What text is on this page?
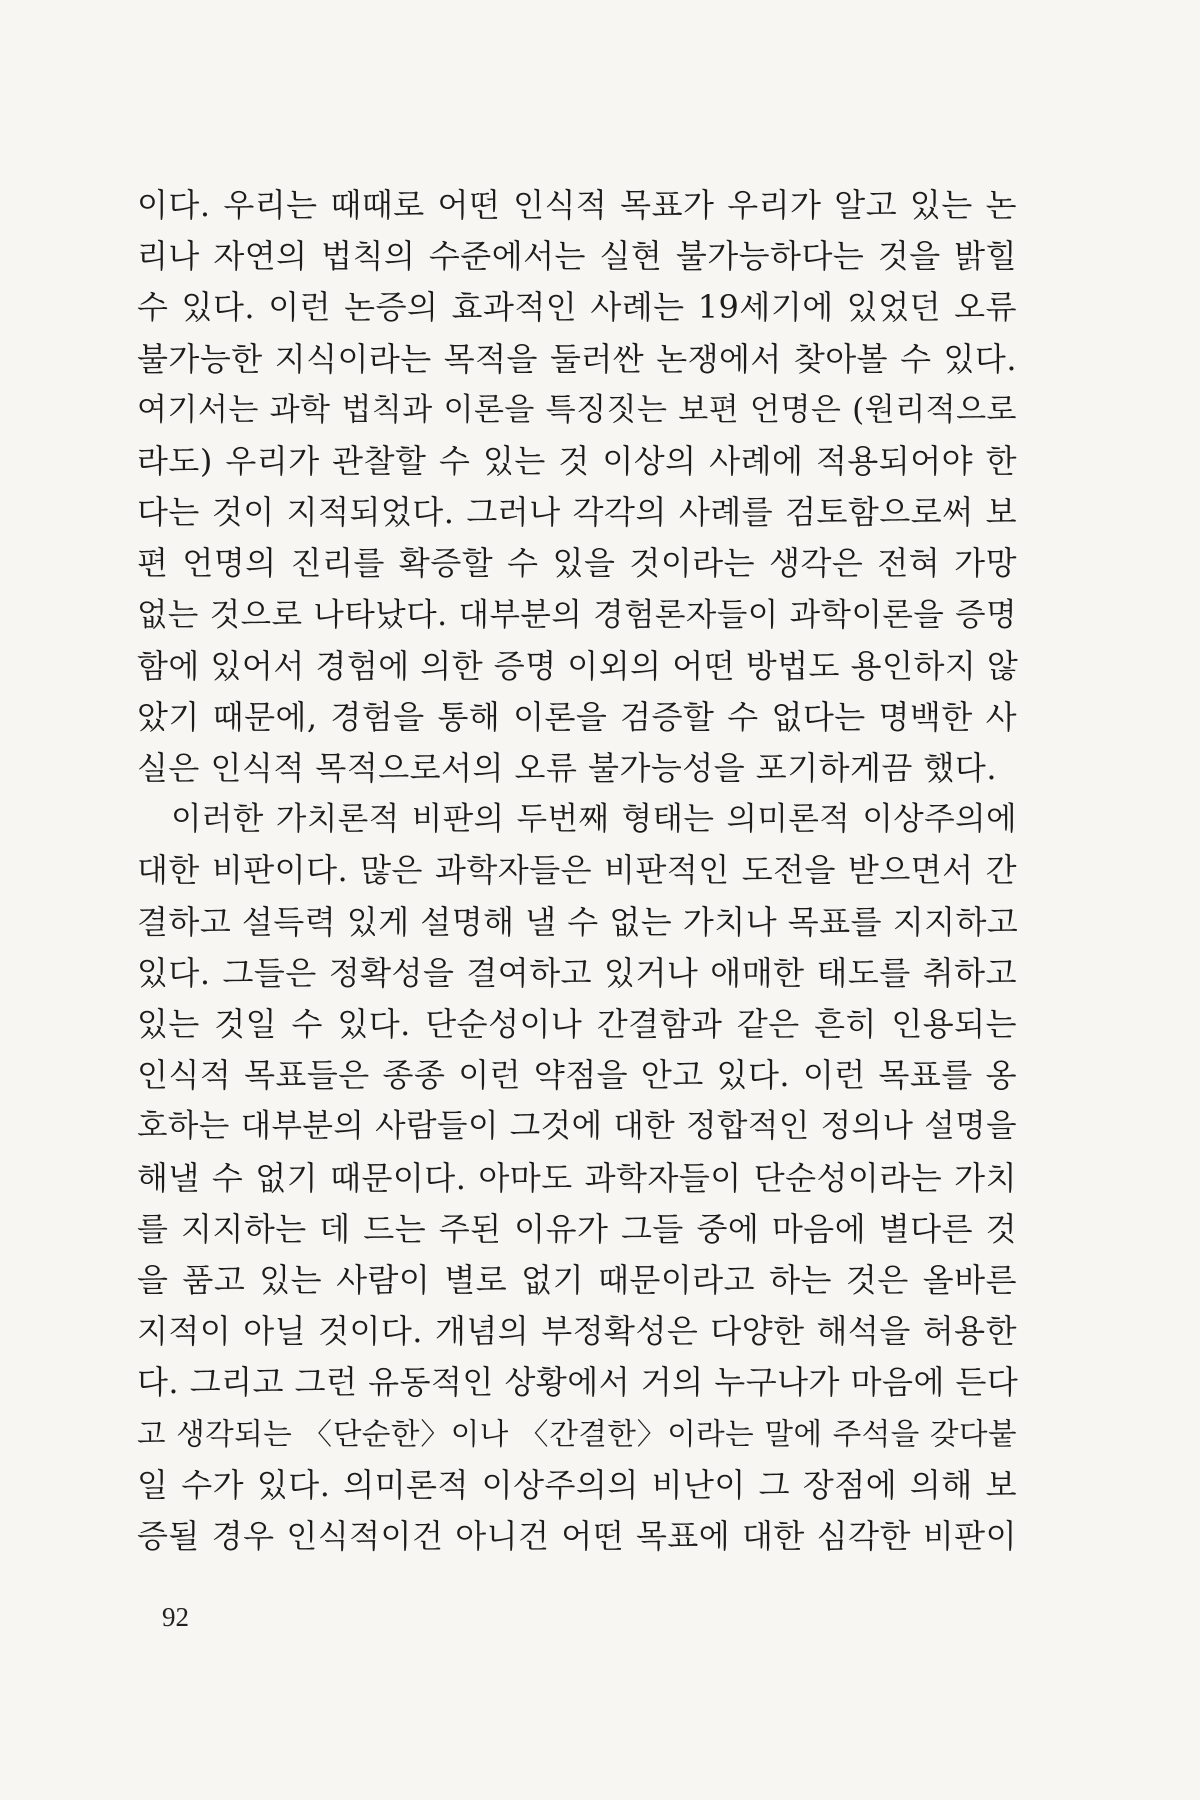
이다. 우리는 때때로 어떤 인식적 목표가 우리가 알고 있는 논
리나 자연의 법칙의 수준에서는 실현 불가능하다는 것을 밝힐
수 있다. 이런 논증의 효과적인 사례는 19세기에 있었던 오류
불가능한 지식이라는 목적을 둘러싼 논쟁에서 찾아볼 수 있다.
여기서는 과학 법칙과 이론을 특징짓는 보편 언명은 (원리적으로
라도) 우리가 관찰할 수 있는 것 이상의 사례에 적용되어야 한
다는 것이 지적되었다. 그러나 각각의 사례를 검토함으로써 보
편 언명의 진리를 확증할 수 있을 것이라는 생각은 전혀 가망
없는 것으로 나타났다. 대부분의 경험론자들이 과학이론을 증명
함에 있어서 경험에 의한 증명 이외의 어떤 방법도 용인하지 않
았기 때문에, 경험을 통해 이론을 검증할 수 없다는 명백한 사
실은 인식적 목적으로서의 오류 불가능성을 포기하게끔 했다.
이러한 가치론적 비판의 두번째 형태는 의미론적 이상주의에
대한 비판이다. 많은 과학자들은 비판적인 도전을 받으면서 간
결하고 설득력 있게 설명해 낼 수 없는 가치나 목표를 지지하고
있다. 그들은 정확성을 결여하고 있거나 애매한 태도를 취하고
있는 것일 수 있다. 단순성이나 간결함과 같은 흔히 인용되는
인식적 목표들은 종종 이런 약점을 안고 있다. 이런 목표를 옹
호하는 대부분의 사람들이 그것에 대한 정합적인 정의나 설명을
해낼 수 없기 때문이다. 아마도 과학자들이 단순성이라는 가치
를 지지하는 데 드는 주된 이유가 그들 중에 마음에 별다른 것
을 품고 있는 사람이 별로 없기 때문이라고 하는 것은 올바른
지적이 아닐 것이다. 개념의 부정확성은 다양한 해석을 허용한
다. 그리고 그런 유동적인 상황에서 거의 누구나가 마음에 든다
고 생각되는 〈단순한〉이나 〈간결한〉이라는 말에 주석을 갖다붙
일 수가 있다. 의미론적 이상주의의 비난이 그 장점에 의해 보
증될 경우 인식적이건 아니건 어떤 목표에 대한 심각한 비판이
92
